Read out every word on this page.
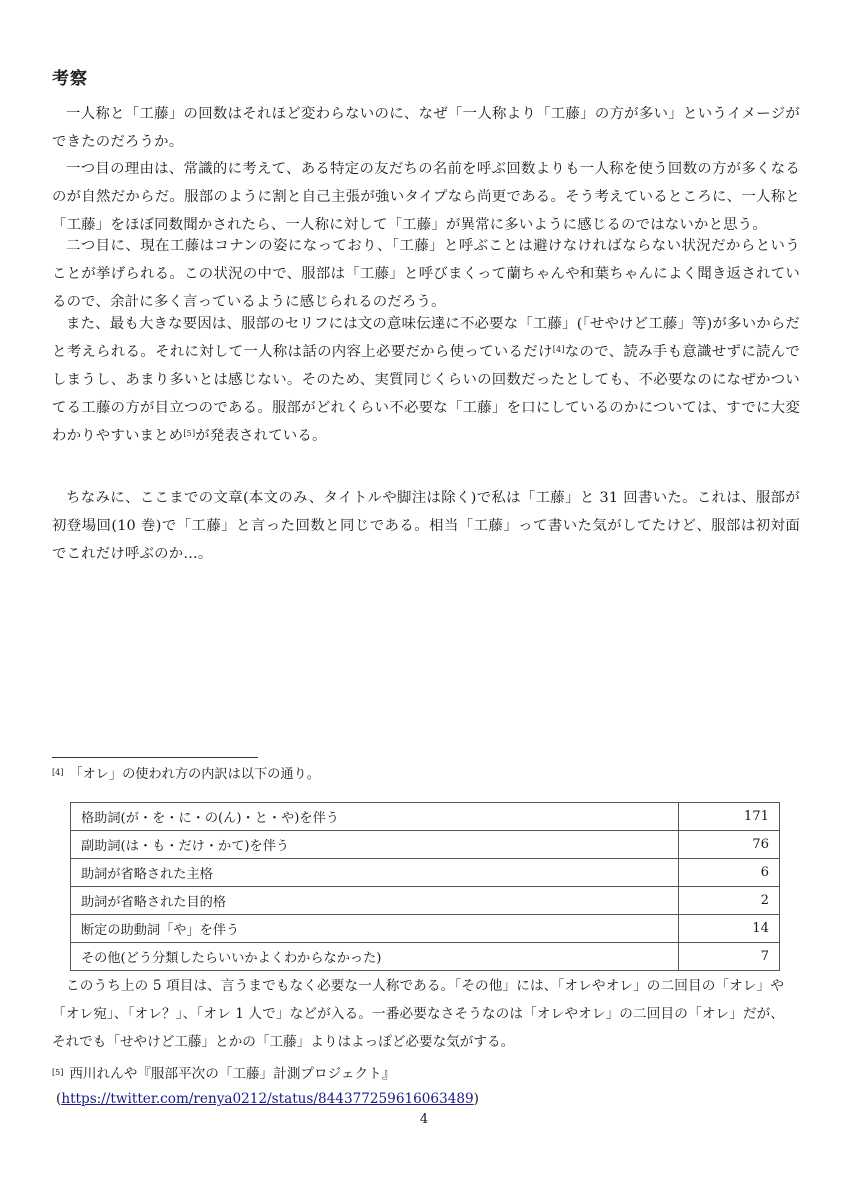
考察
一人称と「工藤」の回数はそれほど変わらないのに、なぜ「一人称より「工藤」の方が多い」というイメージができたのだろうか。
一つ目の理由は、常識的に考えて、ある特定の友だちの名前を呼ぶ回数よりも一人称を使う回数の方が多くなるのが自然だからだ。服部のように割と自己主張が強いタイプなら尚更である。そう考えているところに、一人称と「工藤」をほぼ同数聞かされたら、一人称に対して「工藤」が異常に多いように感じるのではないかと思う。
二つ目に、現在工藤はコナンの姿になっており、「工藤」と呼ぶことは避けなければならない状況だからということが挙げられる。この状況の中で、服部は「工藤」と呼びまくって蘭ちゃんや和葉ちゃんによく聞き返されているので、余計に多く言っているように感じられるのだろう。
また、最も大きな要因は、服部のセリフには文の意味伝達に不必要な「工藤」(「せやけど工藤」等)が多いからだと考えられる。それに対して一人称は話の内容上必要だから使っているだけ[4]なので、読み手も意識せずに読んでしまうし、あまり多いとは感じない。そのため、実質同じくらいの回数だったとしても、不必要なのになぜかついてる工藤の方が目立つのである。服部がどれくらい不必要な「工藤」を口にしているのかについては、すでに大変わかりやすいまとめ[5]が発表されている。
ちなみに、ここまでの文章(本文のみ、タイトルや脚注は除く)で私は「工藤」と 31 回書いた。これは、服部が初登場回(10 巻)で「工藤」と言った回数と同じである。相当「工藤」って書いた気がしてたけど、服部は初対面でこれだけ呼ぶのか…。
[4] 「オレ」の使われ方の内訳は以下の通り。
格助詞(が・を・に・の(ん)・と・や)を伴う	171
副助詞(は・も・だけ・かて)を伴う	76
助詞が省略された主格	6
助詞が省略された目的格	2
断定の助動詞「や」を伴う	14
その他(どう分類したらいいかよくわからなかった)	7
このうち上の 5 項目は、言うまでもなく必要な一人称である。「その他」には、「オレやオレ」の二回目の「オレ」や「オレ宛」、「オレ？」、「オレ 1 人で」などが入る。一番必要なさそうなのは「オレやオレ」の二回目の「オレ」だが、それでも「せやけど工藤」とかの「工藤」よりはよっぽど必要な気がする。
[5] 西川れんや『服部平次の「工藤」計測プロジェクト』
(https://twitter.com/renya0212/status/844377259616063489)
4
